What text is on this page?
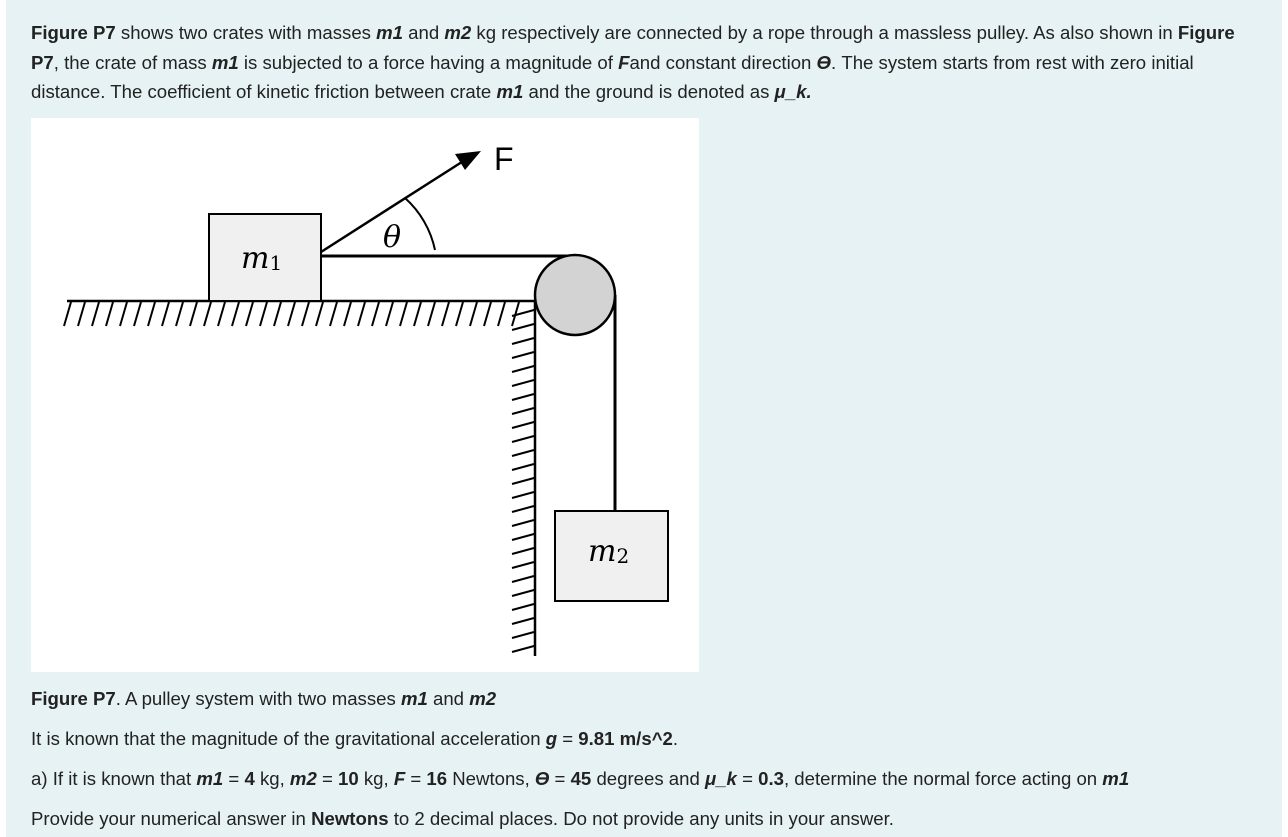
Figure P7 shows two crates with masses m1 and m2 kg respectively are connected by a rope through a massless pulley. As also shown in Figure P7, the crate of mass m1 is subjected to a force having a magnitude of Fand constant direction ϴ. The system starts from rest with zero initial distance. The coefficient of kinetic friction between crate m1 and the ground is denoted as μ_k.
m1
m2
F
θ
Figure P7. A pulley system with two masses m1 and m2
It is known that the magnitude of the gravitational acceleration g = 9.81 m/s^2.
a) If it is known that m1 = 4 kg, m2 = 10 kg, F = 16 Newtons, ϴ = 45 degrees and μ_k = 0.3, determine the normal force acting on m1
Provide your numerical answer in Newtons to 2 decimal places. Do not provide any units in your answer.
